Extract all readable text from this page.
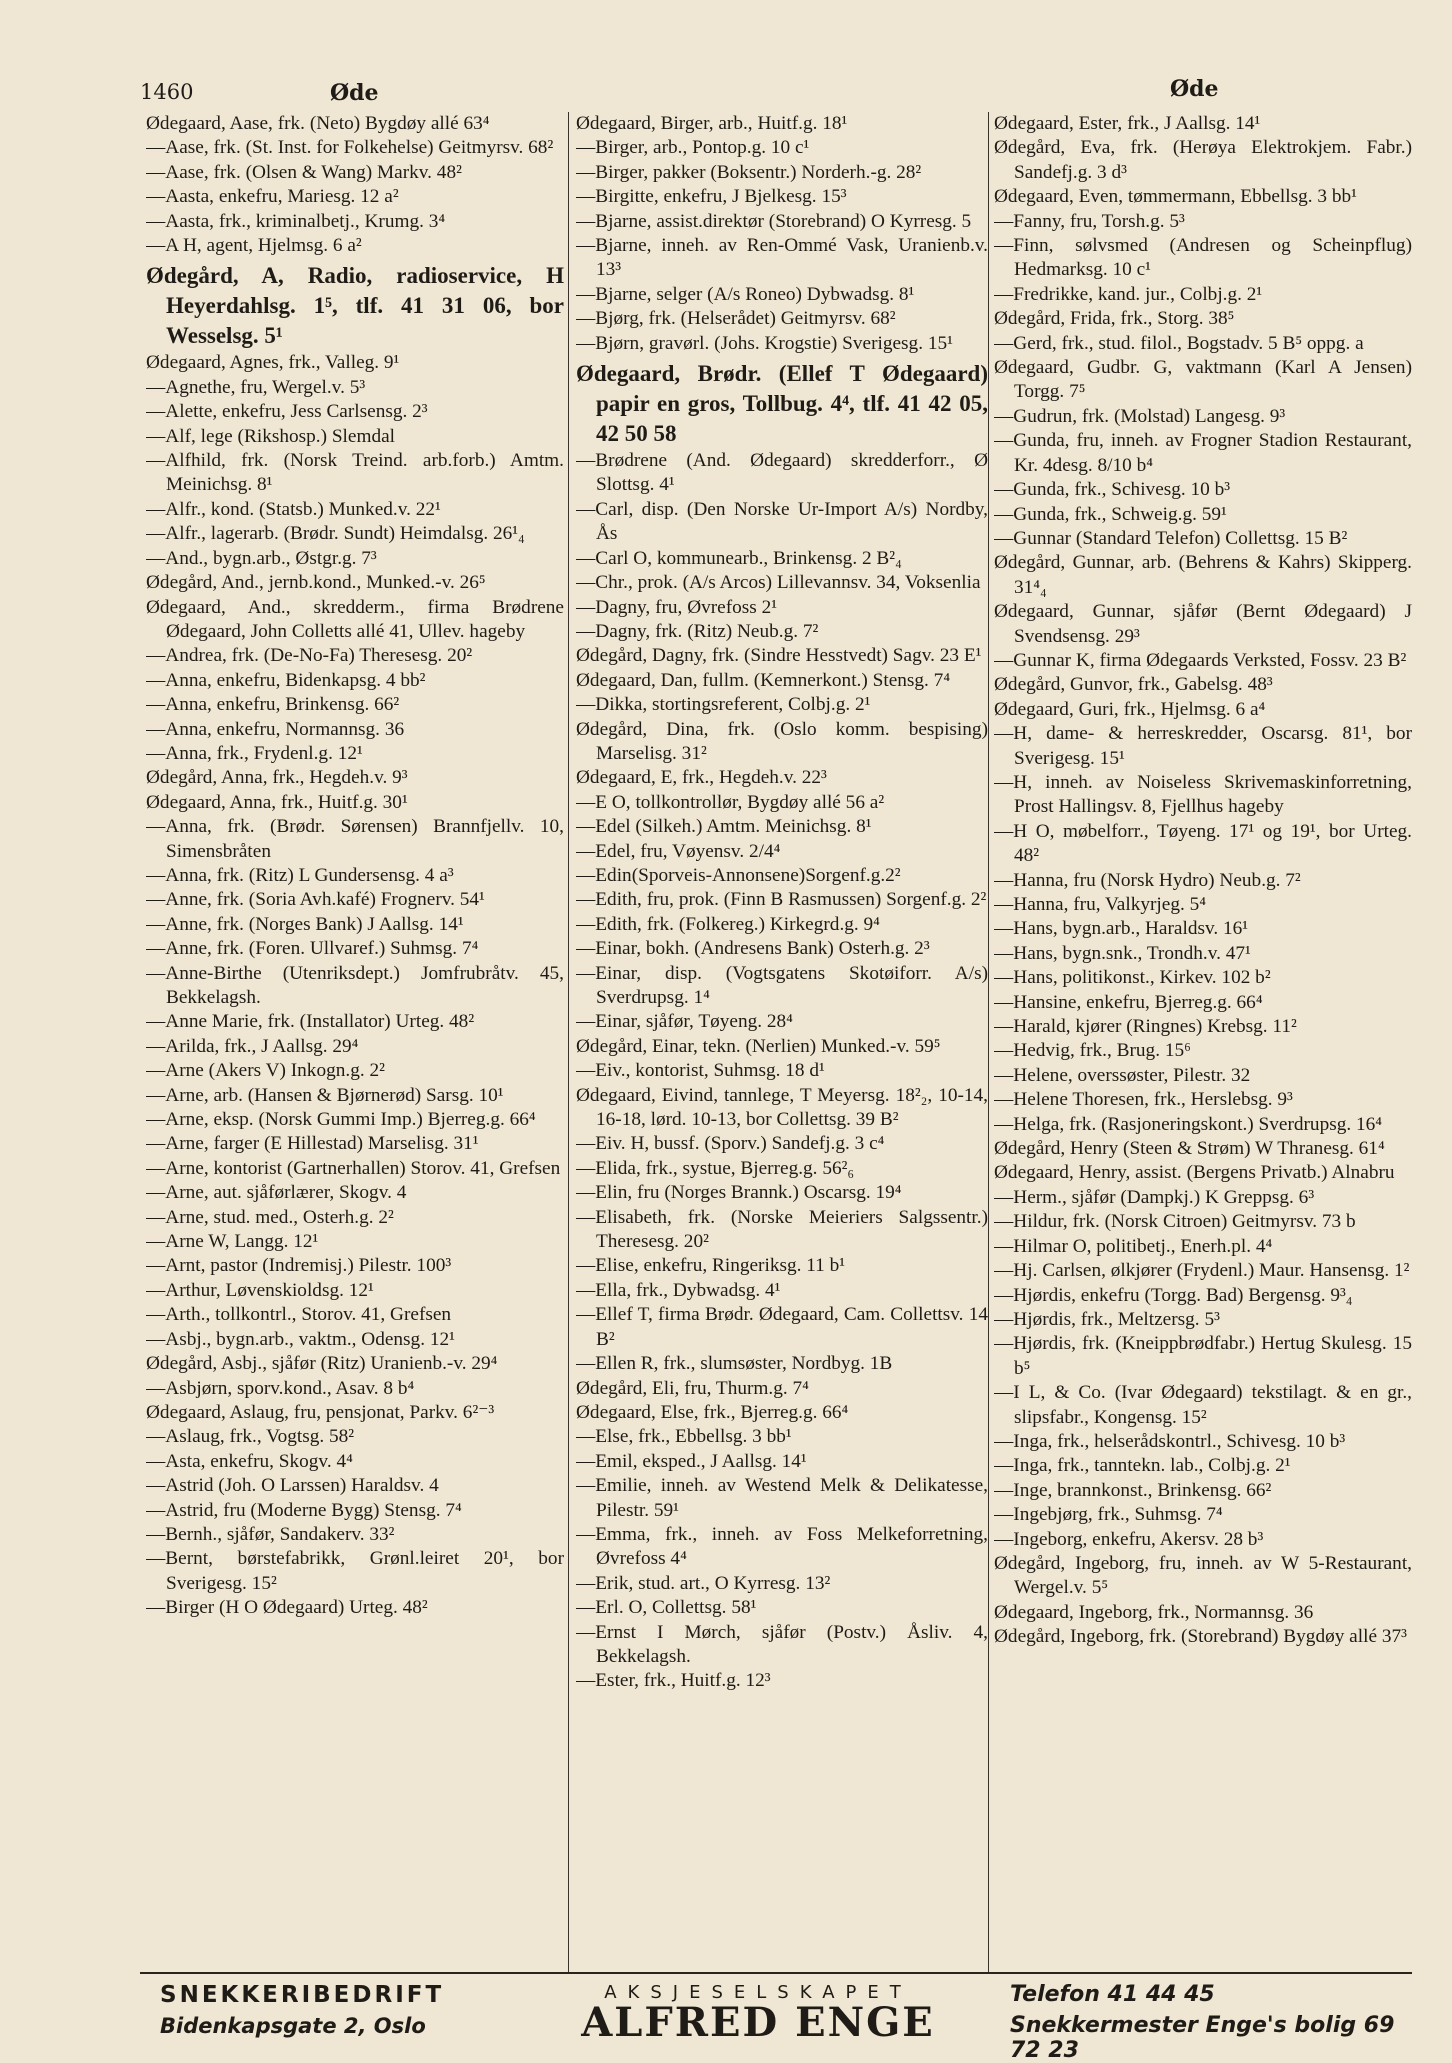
1460	Øde	Øde
Ødegaard, Aase, frk. (Neto) Bygdøy allé 63⁴
—Aase, frk. (St. Inst. for Folkehelse) Geitmyrsv. 68²
—Aase, frk. (Olsen & Wang) Markv. 48²
—Aasta, enkefru, Mariesg. 12 a²
—Aasta, frk., kriminalbetj., Krumg. 3⁴
—A H, agent, Hjelmsg. 6 a²
Ødegård, A, Radio, radioservice, H Heyerdahlsg. 1⁵, tlf. 41 31 06, bor Wesselsg. 5¹
Ødegaard, Agnes, frk., Valleg. 9¹
—Agnethe, fru, Wergel.v. 5³
—Alette, enkefru, Jess Carlsensg. 2³
—Alf, lege (Rikshosp.) Slemdal
—Alfhild, frk. (Norsk Treind. arb.forb.) Amtm. Meinichsg. 8¹
—Alfr., kond. (Statsb.) Munked.v. 22¹
—Alfr., lagerarb. (Brødr. Sundt) Heimdalsg. 26¹₄
—And., bygn.arb., Østgr.g. 7³
Ødegård, And., jernb.kond., Munked.-v. 26⁵
Ødegaard, And., skredderm., firma Brødrene Ødegaard, John Colletts allé 41, Ullev. hageby
—Andrea, frk. (De-No-Fa) Theresesg. 20²
—Anna, enkefru, Bidenkapsg. 4 bb²
—Anna, enkefru, Brinkensg. 66²
—Anna, enkefru, Normannsg. 36
—Anna, frk., Frydenl.g. 12¹
Ødegård, Anna, frk., Hegdeh.v. 9³
Ødegaard, Anna, frk., Huitf.g. 30¹
—Anna, frk. (Brødr. Sørensen) Brannfjellv. 10, Simensbråten
—Anna, frk. (Ritz) L Gundersensg. 4 a³
—Anne, frk. (Soria Avh.kafé) Frognerv. 54¹
—Anne, frk. (Norges Bank) J Aallsg. 14¹
—Anne, frk. (Foren. Ullvaref.) Suhmsg. 7⁴
—Anne-Birthe (Utenriksdept.) Jomfrubråtv. 45, Bekkelagsh.
—Anne Marie, frk. (Installator) Urteg. 48²
—Arilda, frk., J Aallsg. 29⁴
—Arne (Akers V) Inkogn.g. 2²
—Arne, arb. (Hansen & Bjørnerød) Sarsg. 10¹
—Arne, eksp. (Norsk Gummi Imp.) Bjerreg.g. 66⁴
—Arne, farger (E Hillestad) Marselisg. 31¹
—Arne, kontorist (Gartnerhallen) Storov. 41, Grefsen
—Arne, aut. sjåførlærer, Skogv. 4
—Arne, stud. med., Osterh.g. 2²
—Arne W, Langg. 12¹
—Arnt, pastor (Indremisj.) Pilestr. 100³
—Arthur, Løvenskioldsg. 12¹
—Arth., tollkontrl., Storov. 41, Grefsen
—Asbj., bygn.arb., vaktm., Odensg. 12¹
Ødegård, Asbj., sjåfør (Ritz) Uranienb.-v. 29⁴
—Asbjørn, sporv.kond., Asav. 8 b⁴
Ødegaard, Aslaug, fru, pensjonat, Parkv. 6²⁻³
—Aslaug, frk., Vogtsg. 58²
—Asta, enkefru, Skogv. 4⁴
—Astrid (Joh. O Larssen) Haraldsv. 4
—Astrid, fru (Moderne Bygg) Stensg. 7⁴
—Bernh., sjåfør, Sandakerv. 33²
—Bernt, børstefabrikk, Grønl.leiret 20¹, bor Sverigesg. 15²
—Birger (H O Ødegaard) Urteg. 48²
Ødegaard, Birger, arb., Huitf.g. 18¹
—Birger, arb., Pontop.g. 10 c¹
—Birger, pakker (Boksentr.) Norderh.-g. 28²
—Birgitte, enkefru, J Bjelkesg. 15³
—Bjarne, assist.direktør (Storebrand) O Kyrresg. 5
—Bjarne, inneh. av Ren-Ommé Vask, Uranienb.v. 13³
—Bjarne, selger (A/s Roneo) Dybwadsg. 8¹
—Bjørg, frk. (Helserådet) Geitmyrsv. 68²
—Bjørn, gravørl. (Johs. Krogstie) Sverigesg. 15¹
Ødegaard, Brødr. (Ellef T Ødegaard) papir en gros, Tollbug. 4⁴, tlf. 41 42 05, 42 50 58
—Brødrene (And. Ødegaard) skredderforr., Ø Slottsg. 4¹
—Carl, disp. (Den Norske Ur-Import A/s) Nordby, Ås
—Carl O, kommunearb., Brinkensg. 2 B²₄
—Chr., prok. (A/s Arcos) Lillevannsv. 34, Voksenlia
—Dagny, fru, Øvrefoss 2¹
—Dagny, frk. (Ritz) Neub.g. 7²
Ødegård, Dagny, frk. (Sindre Hesstvedt) Sagv. 23 E¹
Ødegaard, Dan, fullm. (Kemnerkont.) Stensg. 7⁴
—Dikka, stortingsreferent, Colbj.g. 2¹
Ødegård, Dina, frk. (Oslo komm. bespising) Marselisg. 31²
Ødegaard, E, frk., Hegdeh.v. 22³
—E O, tollkontrollør, Bygdøy allé 56 a²
—Edel (Silkeh.) Amtm. Meinichsg. 8¹
—Edel, fru, Vøyensv. 2/4⁴
—Edin(Sporveis-Annonsene)Sorgenf.g.2²
—Edith, fru, prok. (Finn B Rasmussen) Sorgenf.g. 2²
—Edith, frk. (Folkereg.) Kirkegrd.g. 9⁴
—Einar, bokh. (Andresens Bank) Osterh.g. 2³
—Einar, disp. (Vogtsgatens Skotøiforr. A/s) Sverdrupsg. 1⁴
—Einar, sjåfør, Tøyeng. 28⁴
Ødegård, Einar, tekn. (Nerlien) Munked.-v. 59⁵
—Eiv., kontorist, Suhmsg. 18 d¹
Ødegaard, Eivind, tannlege, T Meyersg. 18²₂, 10-14, 16-18, lørd. 10-13, bor Collettsg. 39 B²
—Eiv. H, bussf. (Sporv.) Sandefj.g. 3 c⁴
—Elida, frk., systue, Bjerreg.g. 56²₆
—Elin, fru (Norges Brannk.) Oscarsg. 19⁴
—Elisabeth, frk. (Norske Meieriers Salgssentr.) Theresesg. 20²
—Elise, enkefru, Ringeriksg. 11 b¹
—Ella, frk., Dybwadsg. 4¹
—Ellef T, firma Brødr. Ødegaard, Cam. Collettsv. 14 B²
—Ellen R, frk., slumsøster, Nordbyg. 1B
Ødegård, Eli, fru, Thurm.g. 7⁴
Ødegaard, Else, frk., Bjerreg.g. 66⁴
—Else, frk., Ebbellsg. 3 bb¹
—Emil, eksped., J Aallsg. 14¹
—Emilie, inneh. av Westend Melk & Delikatesse, Pilestr. 59¹
—Emma, frk., inneh. av Foss Melkeforretning, Øvrefoss 4⁴
—Erik, stud. art., O Kyrresg. 13²
—Erl. O, Collettsg. 58¹
—Ernst I Mørch, sjåfør (Postv.) Åsliv. 4, Bekkelagsh.
—Ester, frk., Huitf.g. 12³
Ødegaard, Ester, frk., J Aallsg. 14¹
Ødegård, Eva, frk. (Herøya Elektrokjem. Fabr.) Sandefj.g. 3 d³
Ødegaard, Even, tømmermann, Ebbellsg. 3 bb¹
—Fanny, fru, Torsh.g. 5³
—Finn, sølvsmed (Andresen og Scheinpflug) Hedmarksg. 10 c¹
—Fredrikke, kand. jur., Colbj.g. 2¹
Ødegård, Frida, frk., Storg. 38⁵
—Gerd, frk., stud. filol., Bogstadv. 5 B⁵ oppg. a
Ødegaard, Gudbr. G, vaktmann (Karl A Jensen) Torgg. 7⁵
—Gudrun, frk. (Molstad) Langesg. 9³
—Gunda, fru, inneh. av Frogner Stadion Restaurant, Kr. 4desg. 8/10 b⁴
—Gunda, frk., Schivesg. 10 b³
—Gunda, frk., Schweig.g. 59¹
—Gunnar (Standard Telefon) Collettsg. 15 B²
Ødegård, Gunnar, arb. (Behrens & Kahrs) Skipperg. 31⁴₄
Ødegaard, Gunnar, sjåfør (Bernt Ødegaard) J Svendsensg. 29³
—Gunnar K, firma Ødegaards Verksted, Fossv. 23 B²
Ødegård, Gunvor, frk., Gabelsg. 48³
Ødegaard, Guri, frk., Hjelmsg. 6 a⁴
—H, dame- & herreskredder, Oscarsg. 81¹, bor Sverigesg. 15¹
—H, inneh. av Noiseless Skrivemaskinforretning, Prost Hallingsv. 8, Fjellhus hageby
—H O, møbelforr., Tøyeng. 17¹ og 19¹, bor Urteg. 48²
—Hanna, fru (Norsk Hydro) Neub.g. 7²
—Hanna, fru, Valkyrjeg. 5⁴
—Hans, bygn.arb., Haraldsv. 16¹
—Hans, bygn.snk., Trondh.v. 47¹
—Hans, politikonst., Kirkev. 102 b²
—Hansine, enkefru, Bjerreg.g. 66⁴
—Harald, kjører (Ringnes) Krebsg. 11²
—Hedvig, frk., Brug. 15⁶
—Helene, overssøster, Pilestr. 32
—Helene Thoresen, frk., Herslebsg. 9³
—Helga, frk. (Rasjoneringskont.) Sverdrupsg. 16⁴
Ødegård, Henry (Steen & Strøm) W Thranesg. 61⁴
Ødegaard, Henry, assist. (Bergens Privatb.) Alnabru
—Herm., sjåfør (Dampkj.) K Greppsg. 6³
—Hildur, frk. (Norsk Citroen) Geitmyrsv. 73 b
—Hilmar O, politibetj., Enerh.pl. 4⁴
—Hj. Carlsen, ølkjører (Frydenl.) Maur. Hansensg. 1²
—Hjørdis, enkefru (Torgg. Bad) Bergensg. 9³₄
—Hjørdis, frk., Meltzersg. 5³
—Hjørdis, frk. (Kneippbrødfabr.) Hertug Skulesg. 15 b⁵
—I L, & Co. (Ivar Ødegaard) tekstilagt. & en gr., slipsfabr., Kongensg. 15²
—Inga, frk., helserådskontrl., Schivesg. 10 b³
—Inga, frk., tanntekn. lab., Colbj.g. 2¹
—Inge, brannkonst., Brinkensg. 66²
—Ingebjørg, frk., Suhmsg. 7⁴
—Ingeborg, enkefru, Akersv. 28 b³
Ødegård, Ingeborg, fru, inneh. av W 5-Restaurant, Wergel.v. 5⁵
Ødegaard, Ingeborg, frk., Normannsg. 36
Ødegård, Ingeborg, frk. (Storebrand) Bygdøy allé 37³
SNEKKERIBEDRIFT
Bidenkapsgate 2, Oslo
AKSJESELSKAPET
ALFRED ENGE
Telefon 41 44 45
Snekkermester Enge's bolig 69 72 23
